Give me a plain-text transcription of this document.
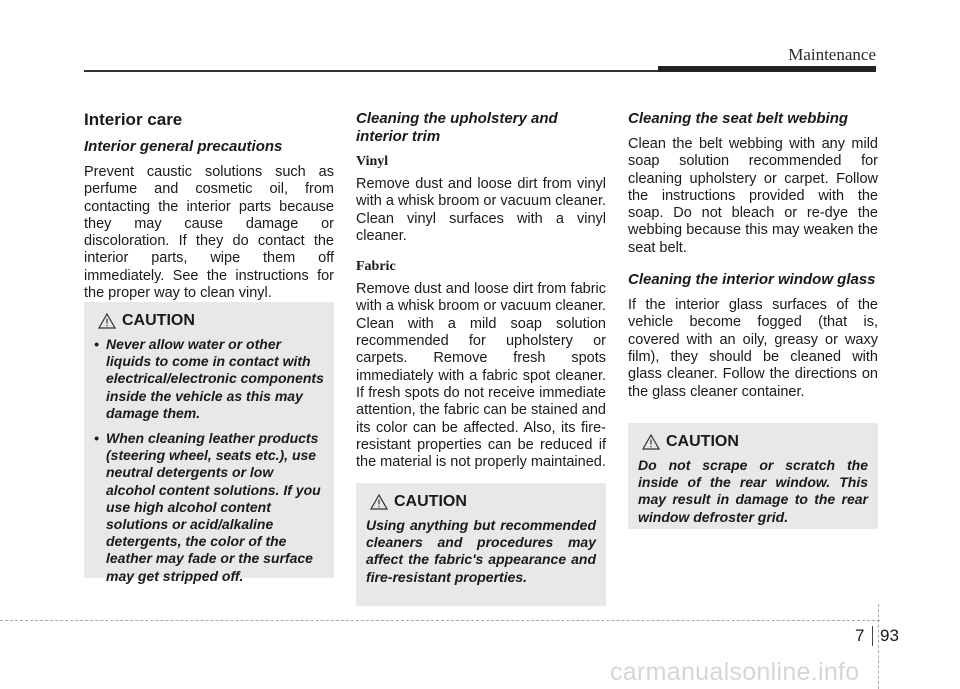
Maintenance
Interior care
Interior general precautions

Prevent caustic solutions such as perfume and cosmetic oil, from contacting the interior parts because they may cause damage or discoloration. If they do contact the interior parts, wipe them off immediately. See the instructions for the proper way to clean vinyl.

CAUTION
• Never allow water or other liquids to come in contact with electrical/electronic components inside the vehicle as this may damage them.
• When cleaning leather products (steering wheel, seats etc.), use neutral detergents or low alcohol content solutions. If you use high alcohol content solutions or acid/alkaline detergents, the color of the leather may fade or the surface may get stripped off.
Cleaning the upholstery and interior trim
Vinyl

Remove dust and loose dirt from vinyl with a whisk broom or vacuum cleaner. Clean vinyl surfaces with a vinyl cleaner.

Fabric

Remove dust and loose dirt from fabric with a whisk broom or vacuum cleaner. Clean with a mild soap solution recommended for upholstery or carpets. Remove fresh spots immediately with a fabric spot cleaner. If fresh spots do not receive immediate attention, the fabric can be stained and its color can be affected. Also, its fire-resistant properties can be reduced if the material is not properly maintained.

CAUTION

Using anything but recommended cleaners and procedures may affect the fabric's appearance and fire-resistant properties.

Cleaning the seat belt webbing

Clean the belt webbing with any mild soap solution recommended for cleaning upholstery or carpet. Follow the instructions provided with the soap. Do not bleach or re-dye the webbing because this may weaken the seat belt.

Cleaning the interior window glass

If the interior glass surfaces of the vehicle become fogged (that is, covered with an oily, greasy or waxy film), they should be cleaned with glass cleaner. Follow the directions on the glass cleaner container.

CAUTION

Do not scrape or scratch the inside of the rear window. This may result in damage to the rear window defroster grid.

7 93
carmanualsonline.info
